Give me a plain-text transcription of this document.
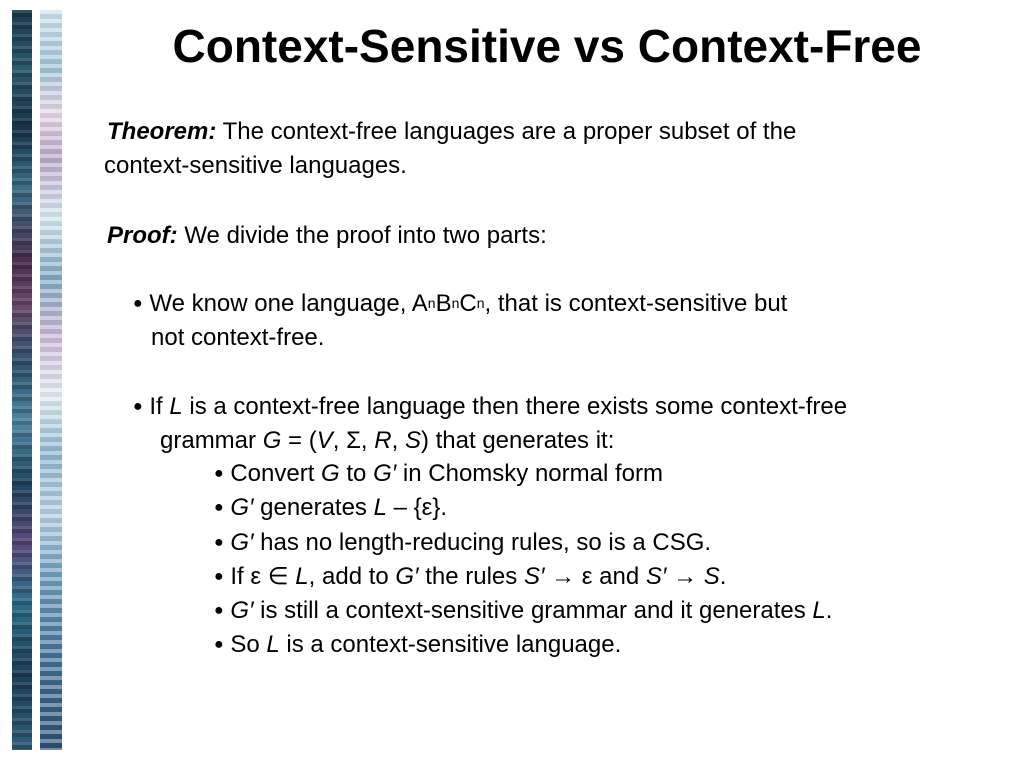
Context-Sensitive vs Context-Free

Theorem: The context-free languages are a proper subset of the

context-sensitive languages.

Proof: We divide the proof into two parts:

● We know one language, $A^nB^nC^n$, that is context-sensitive but

not context-free.

● If L is a context-free language then there exists some context-free

grammar G = (V, Σ, R, S) that generates it:

● Convert G to G′ in Chomsky normal form

● G′ generates L – {ε}.

● G′ has no length-reducing rules, so is a CSG.

● If ε ∈ L, add to G′ the rules S′ → ε and S′ → S.

● G′ is still a context-sensitive grammar and it generates L.

● So L is a context-sensitive language.
